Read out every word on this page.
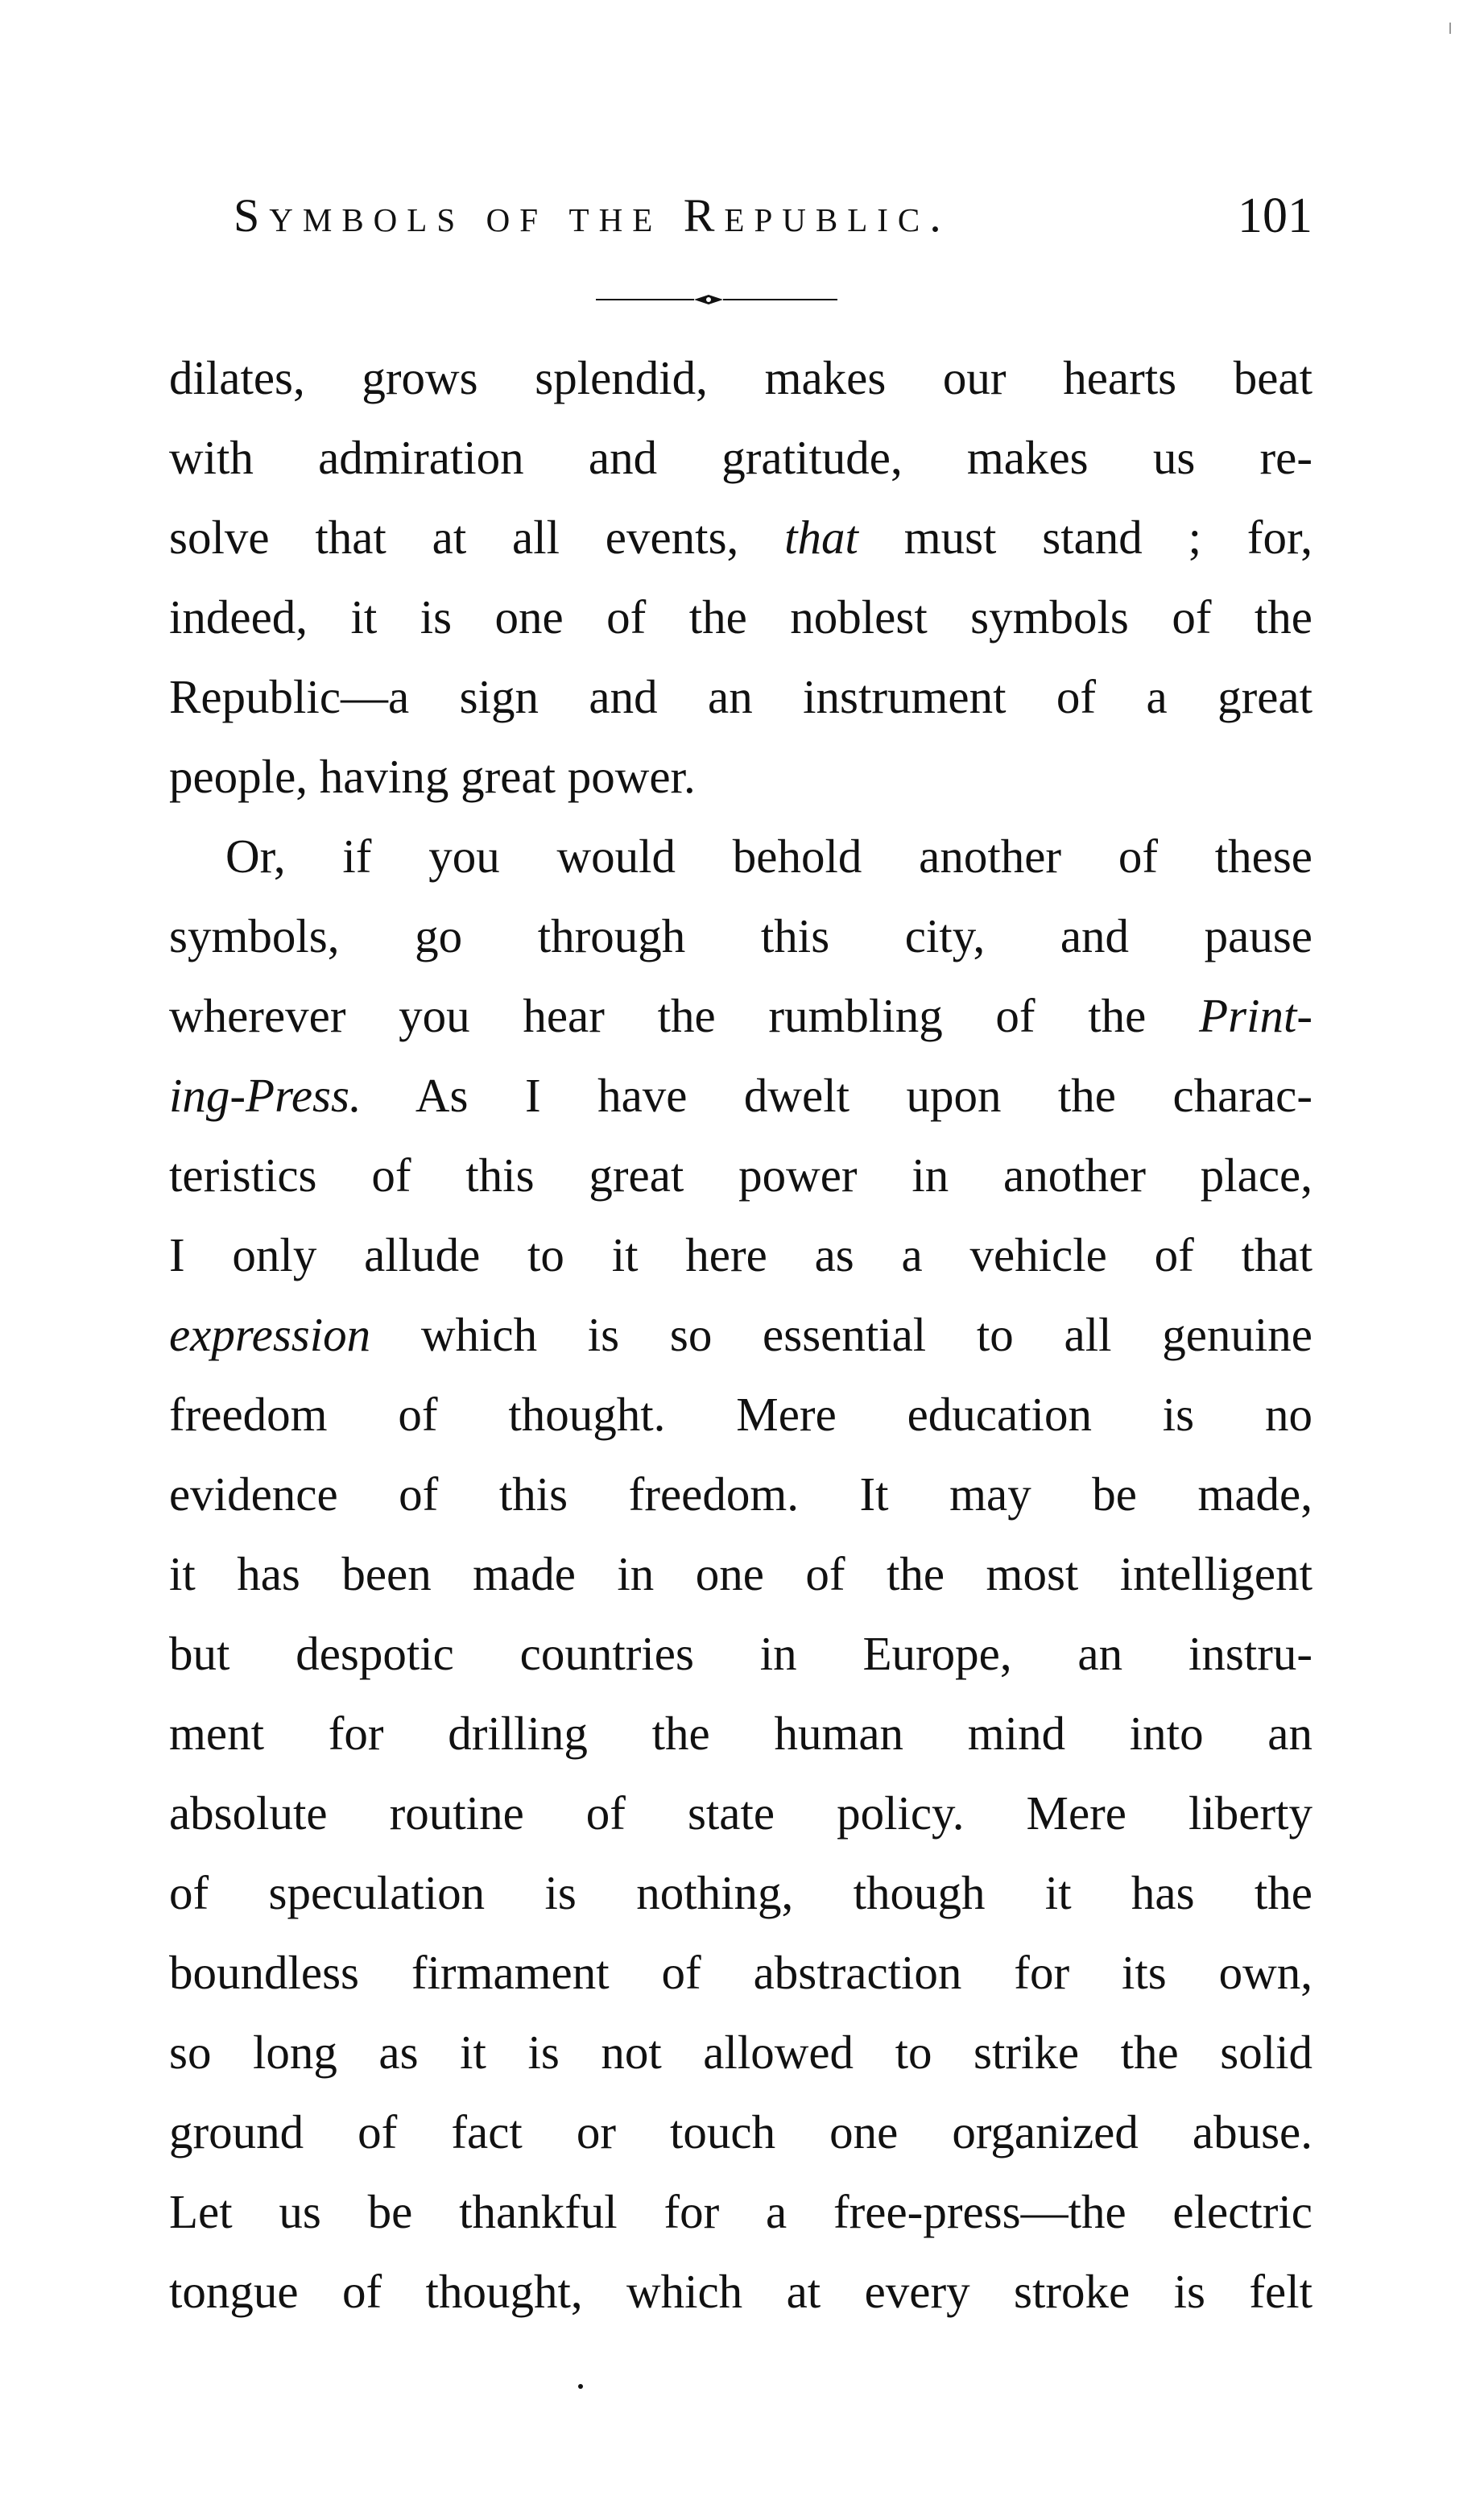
Symbols of the Republic.	101
dilates, grows splendid, makes our hearts beat
with admiration and gratitude, makes us re-
solve that at all events, that must stand ; for,
indeed, it is one of the noblest symbols of the
Republic—a sign and an instrument of a great
people, having great power.
Or, if you would behold another of these
symbols, go through this city, and pause
wherever you hear the rumbling of the Print-
ing-Press. As I have dwelt upon the charac-
teristics of this great power in another place,
I only allude to it here as a vehicle of that
expression which is so essential to all genuine
freedom of thought. Mere education is no
evidence of this freedom. It may be made,
it has been made in one of the most intelligent
but despotic countries in Europe, an instru-
ment for drilling the human mind into an
absolute routine of state policy. Mere liberty
of speculation is nothing, though it has the
boundless firmament of abstraction for its own,
so long as it is not allowed to strike the solid
ground of fact or touch one organized abuse.
Let us be thankful for a free-press—the electric
tongue of thought, which at every stroke is felt
